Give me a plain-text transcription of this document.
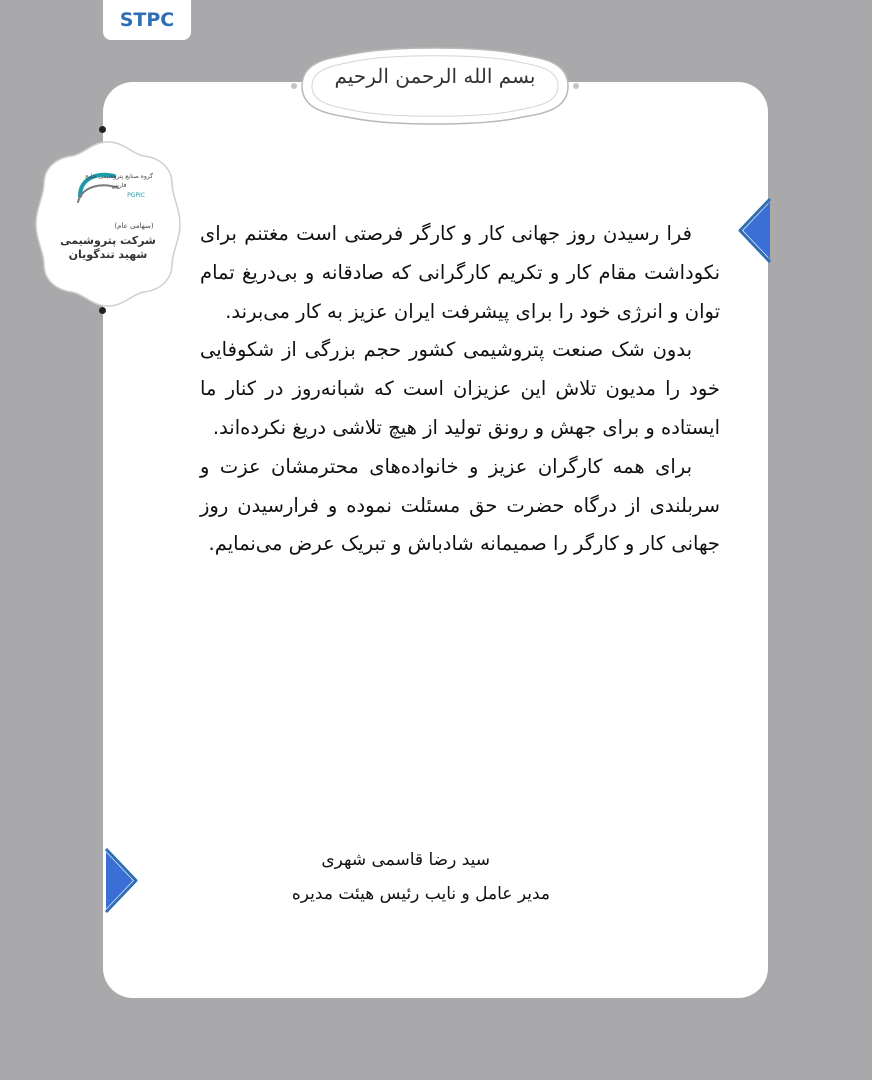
STPC
بسم الله الرحمن الرحیم
گروه صنایع پتروشیمی خلیج فارس
PGPIC
(سهامی عام)
شرکت پتروشیمی شهید تندگویان

فرا رسیدن روز جهانی کار و کارگر فرصتی است مغتنم برای نکوداشت مقام کار و تکریم کارگرانی که صادقانه و بی‌دریغ تمام توان و انرژی خود را برای پیشرفت ایران عزیز به کار می‌برند.

بدون شک صنعت پتروشیمی کشور حجم بزرگی از شکوفایی خود را مدیون تلاش این عزیزان است که شبانه‌روز در کنار ما ایستاده و برای جهش و رونق تولید از هیچ تلاشی دریغ نکرده‌اند.

برای همه کارگران عزیز و خانواده‌های محترمشان عزت و سربلندی از درگاه حضرت حق مسئلت نموده و فرارسیدن روز جهانی کار و کارگر را صمیمانه شادباش و تبریک عرض می‌نمایم.

سید رضا قاسمی شهری
مدیر عامل و نایب رئیس هیئت مدیره
